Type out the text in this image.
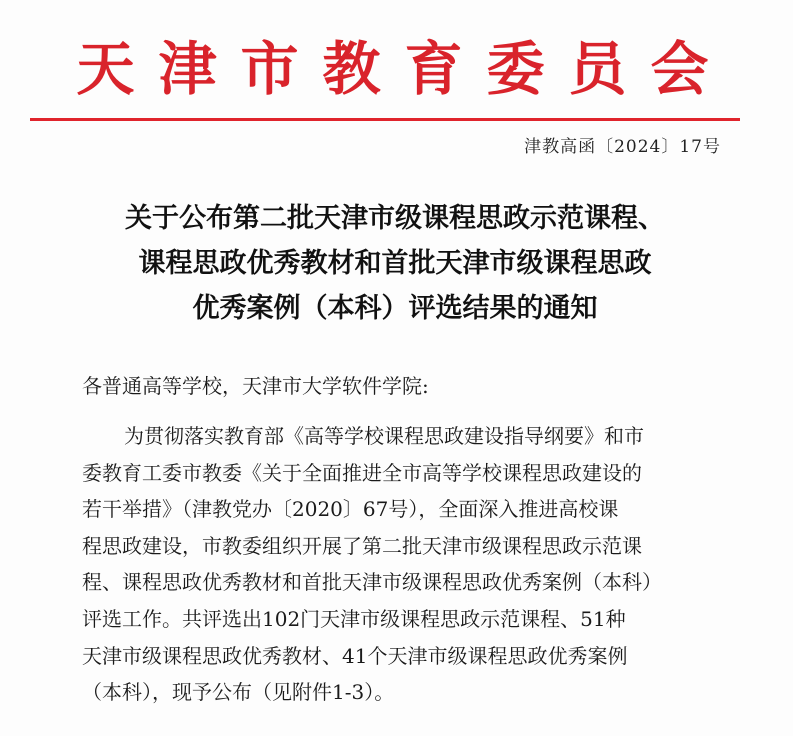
天津市教育委员会
津教高函〔2024〕17号
关于公布第二批天津市级课程思政示范课程、
课程思政优秀教材和首批天津市级课程思政
优秀案例（本科）评选结果的通知
各普通高等学校，天津市大学软件学院:
为贯彻落实教育部《高等学校课程思政建设指导纲要》和市
委教育工委市教委《关于全面推进全市高等学校课程思政建设的
若干举措》（津教党办〔2020〕67号），全面深入推进高校课
程思政建设，市教委组织开展了第二批天津市级课程思政示范课
程、课程思政优秀教材和首批天津市级课程思政优秀案例（本科）
评选工作。共评选出102门天津市级课程思政示范课程、51种
天津市级课程思政优秀教材、41个天津市级课程思政优秀案例
（本科），现予公布（见附件1-3）。
